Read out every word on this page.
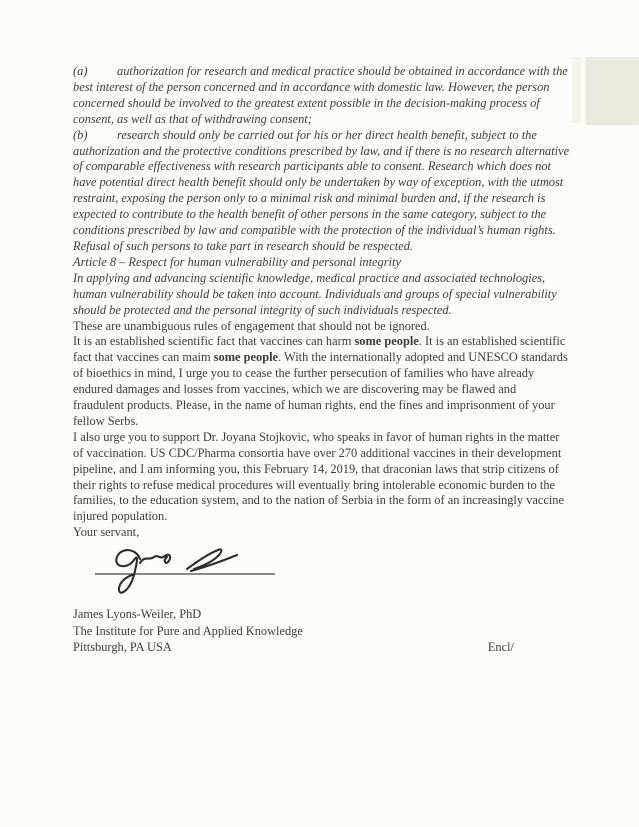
(a) authorization for research and medical practice should be obtained in accordance with the best interest of the person concerned and in accordance with domestic law. However, the person concerned should be involved to the greatest extent possible in the decision-making process of consent, as well as that of withdrawing consent;

(b) research should only be carried out for his or her direct health benefit, subject to the authorization and the protective conditions prescribed by law, and if there is no research alternative of comparable effectiveness with research participants able to consent. Research which does not have potential direct health benefit should only be undertaken by way of exception, with the utmost restraint, exposing the person only to a minimal risk and minimal burden and, if the research is expected to contribute to the health benefit of other persons in the same category, subject to the conditions prescribed by law and compatible with the protection of the individual’s human rights. Refusal of such persons to take part in research should be respected.

Article 8 – Respect for human vulnerability and personal integrity

In applying and advancing scientific knowledge, medical practice and associated technologies, human vulnerability should be taken into account. Individuals and groups of special vulnerability should be protected and the personal integrity of such individuals respected.

These are unambiguous rules of engagement that should not be ignored.

It is an established scientific fact that vaccines can harm some people. It is an established scientific fact that vaccines can maim some people. With the internationally adopted and UNESCO standards of bioethics in mind, I urge you to cease the further persecution of families who have already endured damages and losses from vaccines, which we are discovering may be flawed and fraudulent products. Please, in the name of human rights, end the fines and imprisonment of your fellow Serbs.

I also urge you to support Dr. Joyana Stojkovic, who speaks in favor of human rights in the matter of vaccination. US CDC/Pharma consortia have over 270 additional vaccines in their development pipeline, and I am informing you, this February 14, 2019, that draconian laws that strip citizens of their rights to refuse medical procedures will eventually bring intolerable economic burden to the families, to the education system, and to the nation of Serbia in the form of an increasingly vaccine injured population.

Your servant,

James Lyons-Weiler, PhD
The Institute for Pure and Applied Knowledge
Pittsburgh, PA USA	Encl/
